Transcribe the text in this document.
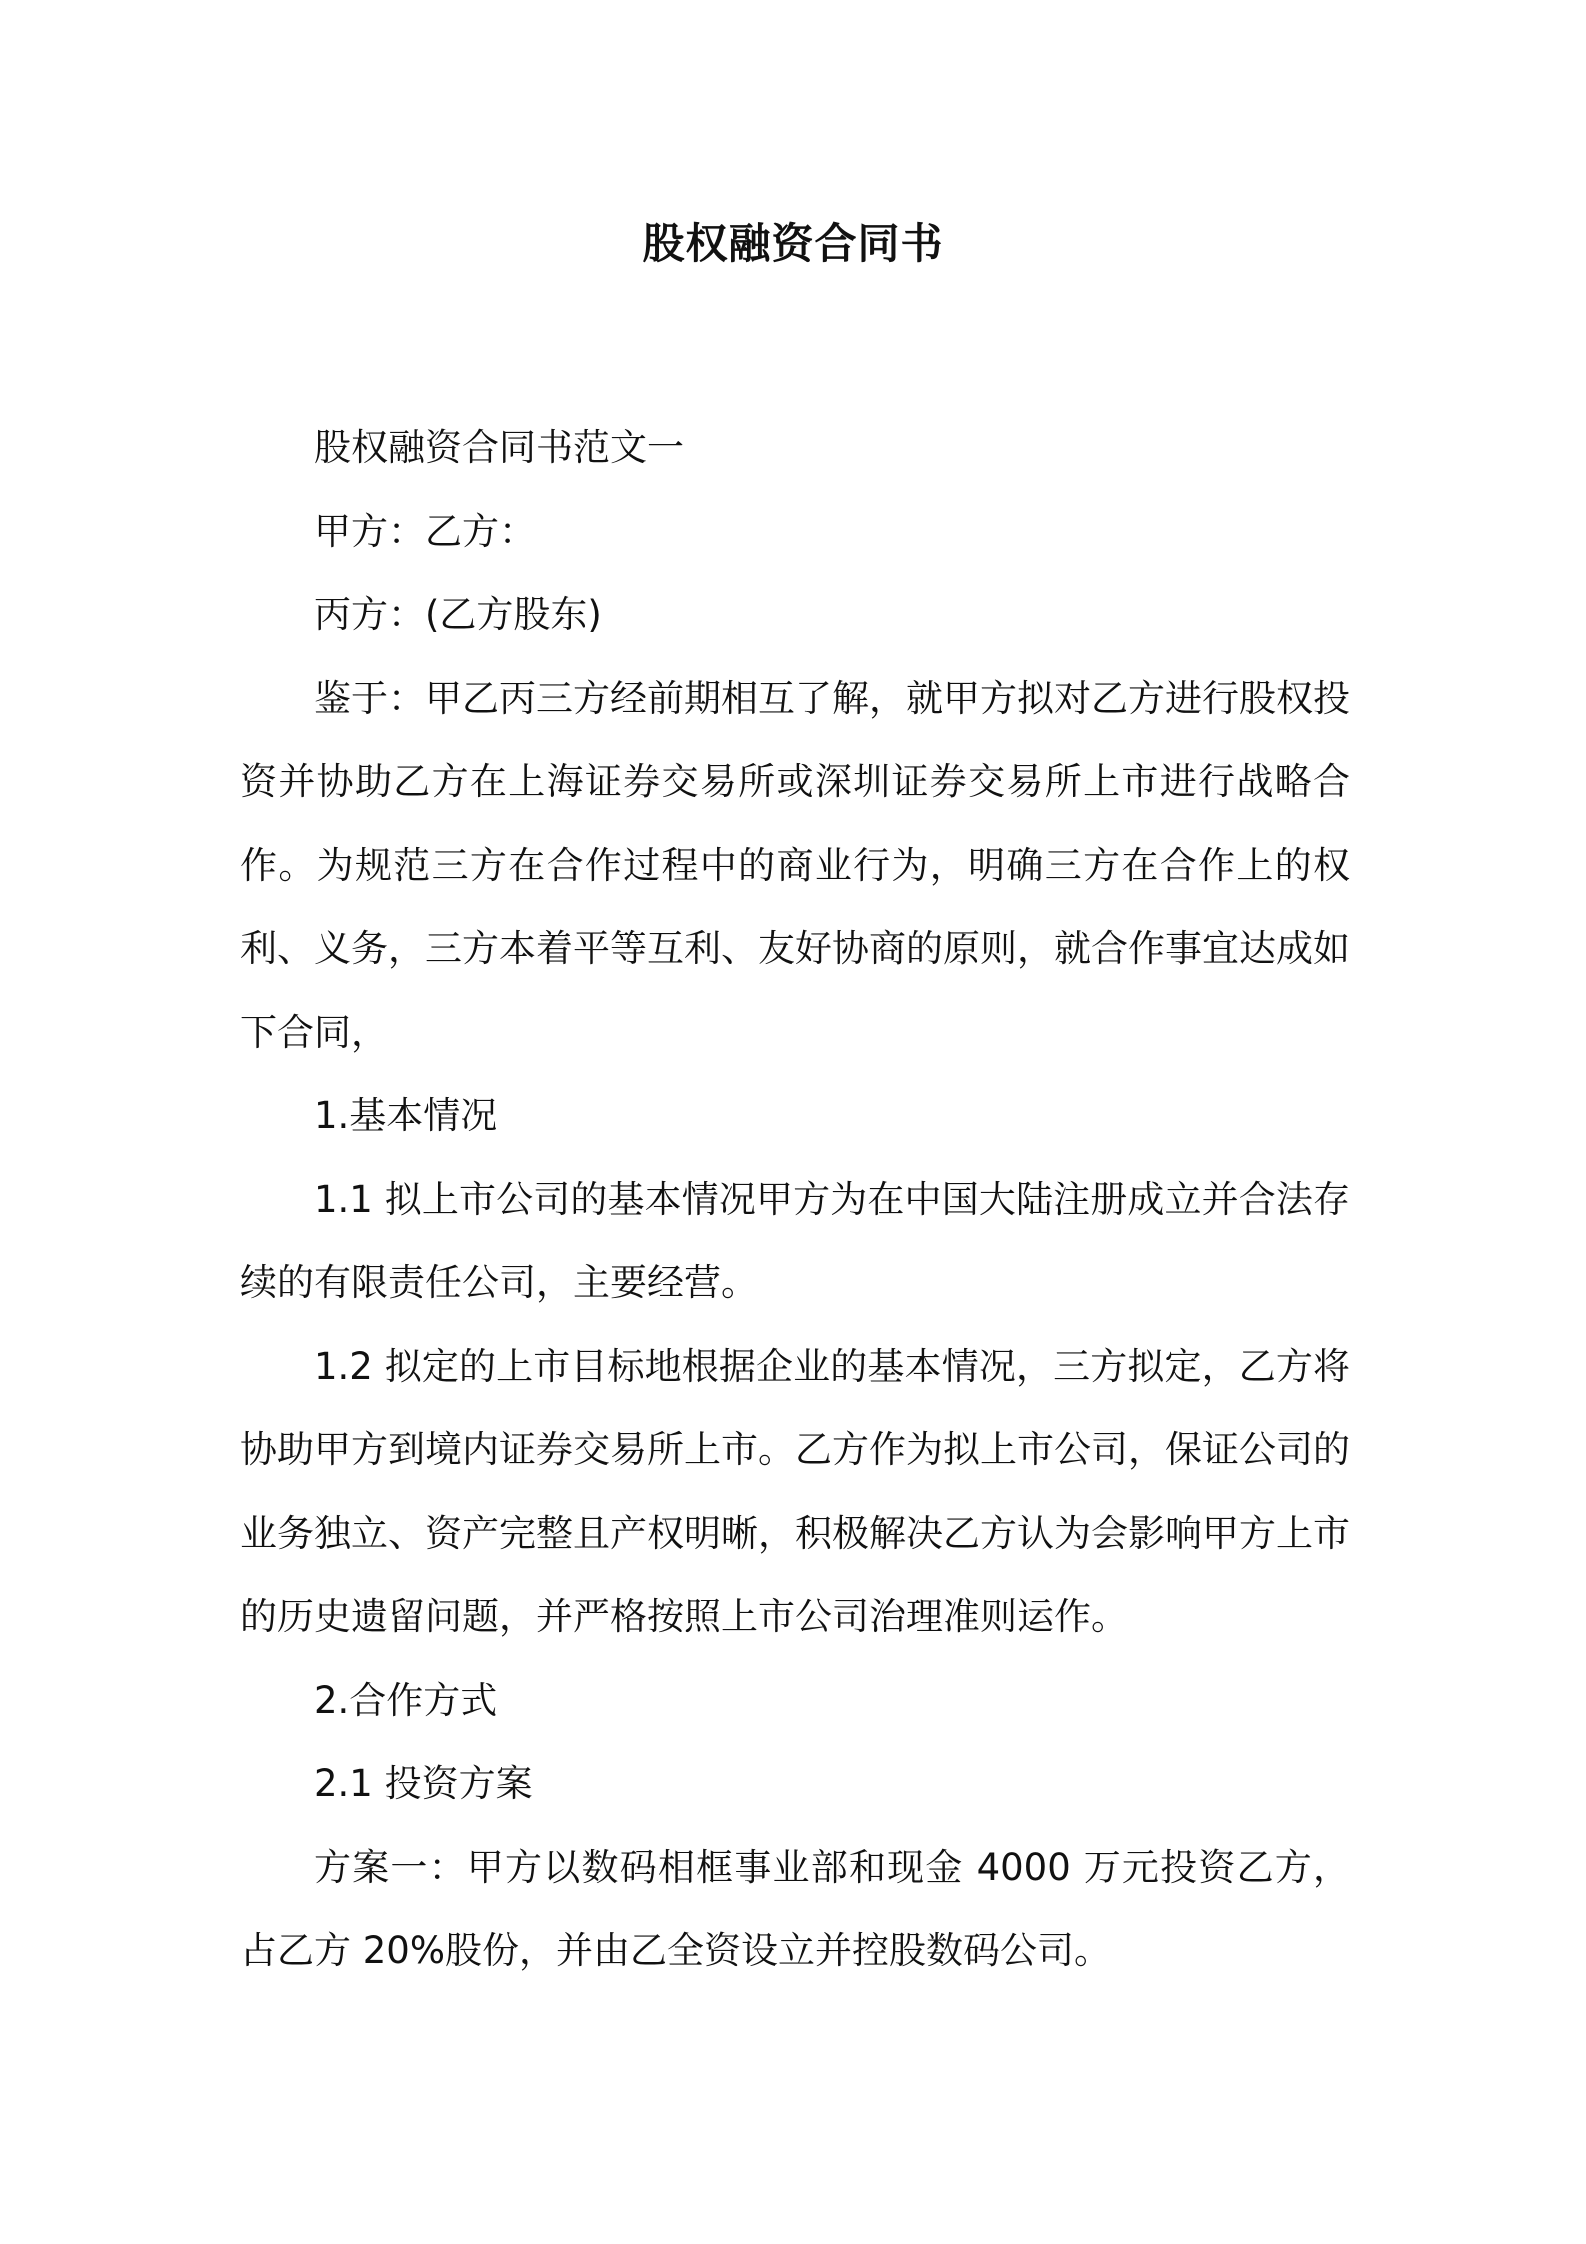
股权融资合同书

股权融资合同书范文一

甲方：乙方：

丙方：(乙方股东)

鉴于：甲乙丙三方经前期相互了解，就甲方拟对乙方进行股权投资并协助乙方在上海证券交易所或深圳证券交易所上市进行战略合作。为规范三方在合作过程中的商业行为，明确三方在合作上的权利、义务，三方本着平等互利、友好协商的原则，就合作事宜达成如下合同，

1.基本情况

1.1 拟上市公司的基本情况甲方为在中国大陆注册成立并合法存续的有限责任公司，主要经营。

1.2 拟定的上市目标地根据企业的基本情况，三方拟定，乙方将协助甲方到境内证券交易所上市。乙方作为拟上市公司，保证公司的业务独立、资产完整且产权明晰，积极解决乙方认为会影响甲方上市的历史遗留问题，并严格按照上市公司治理准则运作。

2.合作方式

2.1 投资方案

方案一：甲方以数码相框事业部和现金 4000 万元投资乙方，占乙方 20%股份，并由乙全资设立并控股数码公司。
